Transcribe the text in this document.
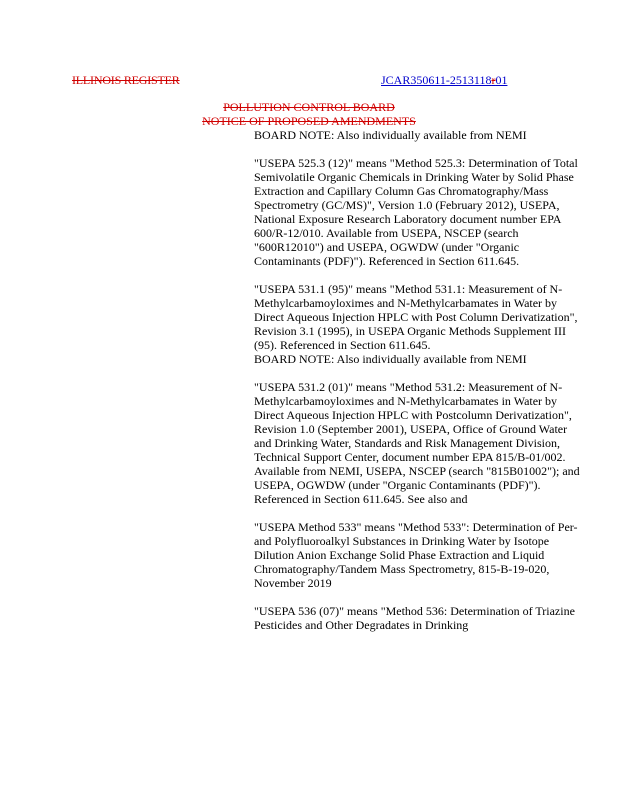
ILLINOIS REGISTER	JCAR350611-2513118r01
POLLUTION CONTROL BOARD
NOTICE OF PROPOSED AMENDMENTS

BOARD NOTE: Also individually available from NEMI

"USEPA 525.3 (12)" means "Method 525.3: Determination of Total Semivolatile Organic Chemicals in Drinking Water by Solid Phase Extraction and Capillary Column Gas Chromatography/Mass Spectrometry (GC/MS)", Version 1.0 (February 2012), USEPA, National Exposure Research Laboratory document number EPA 600/R-12/010. Available from USEPA, NSCEP (search "600R12010") and USEPA, OGWDW (under "Organic Contaminants (PDF)"). Referenced in Section 611.645.

"USEPA 531.1 (95)" means "Method 531.1: Measurement of N-Methylcarbamoyloximes and N-Methylcarbamates in Water by Direct Aqueous Injection HPLC with Post Column Derivatization", Revision 3.1 (1995), in USEPA Organic Methods Supplement III (95). Referenced in Section 611.645.

BOARD NOTE: Also individually available from NEMI

"USEPA 531.2 (01)" means "Method 531.2: Measurement of N-Methylcarbamoyloximes and N-Methylcarbamates in Water by Direct Aqueous Injection HPLC with Postcolumn Derivatization", Revision 1.0 (September 2001), USEPA, Office of Ground Water and Drinking Water, Standards and Risk Management Division, Technical Support Center, document number EPA 815/B-01/002. Available from NEMI, USEPA, NSCEP (search "815B01002"); and USEPA, OGWDW (under "Organic Contaminants (PDF)"). Referenced in Section 611.645. See also and

"USEPA Method 533" means "Method 533": Determination of Per- and Polyfluoroalkyl Substances in Drinking Water by Isotope Dilution Anion Exchange Solid Phase Extraction and Liquid Chromatography/Tandem Mass Spectrometry, 815-B-19-020, November 2019

"USEPA 536 (07)" means "Method 536: Determination of Triazine Pesticides and Other Degradates in Drinking
